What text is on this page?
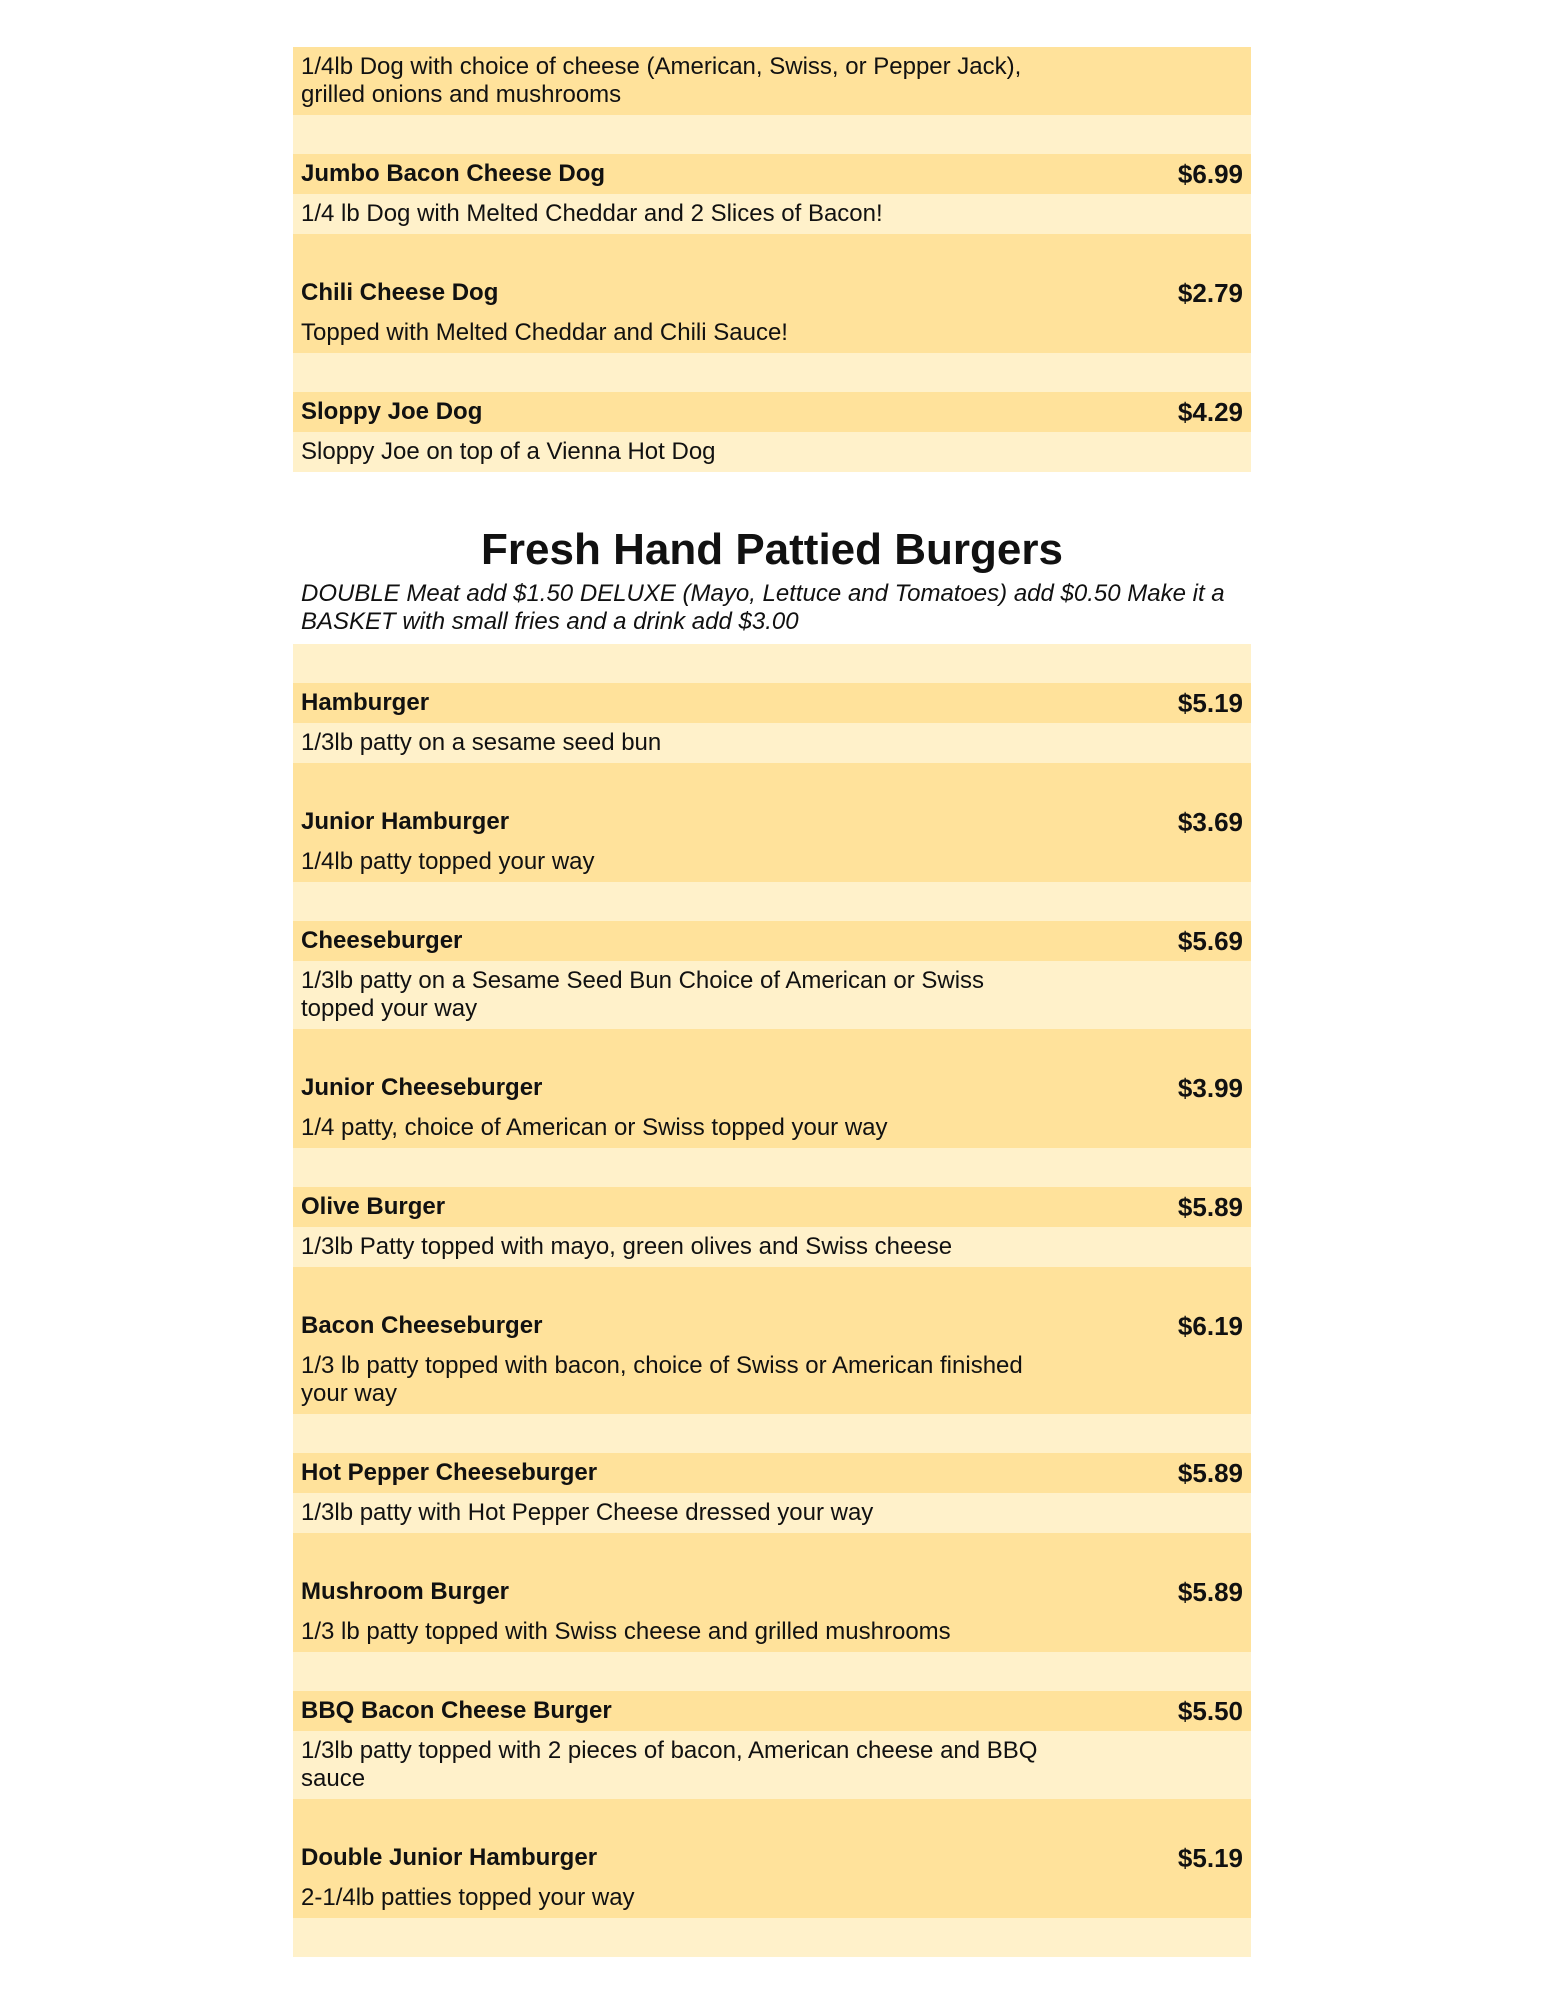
1/4lb Dog with choice of cheese (American, Swiss, or Pepper Jack), grilled onions and mushrooms
Jumbo Bacon Cheese Dog	$6.99
1/4 lb Dog with Melted Cheddar and 2 Slices of Bacon!
Chili Cheese Dog	$2.79
Topped with Melted Cheddar and Chili Sauce!
Sloppy Joe Dog	$4.29
Sloppy Joe on top of a Vienna Hot Dog
Fresh Hand Pattied Burgers
DOUBLE Meat add $1.50 DELUXE (Mayo, Lettuce and Tomatoes) add $0.50 Make it a BASKET with small fries and a drink add $3.00
Hamburger	$5.19
1/3lb patty on a sesame seed bun
Junior Hamburger	$3.69
1/4lb patty topped your way
Cheeseburger	$5.69
1/3lb patty on a Sesame Seed Bun Choice of American or Swiss topped your way
Junior Cheeseburger	$3.99
1/4 patty, choice of American or Swiss topped your way
Olive Burger	$5.89
1/3lb Patty topped with mayo, green olives and Swiss cheese
Bacon Cheeseburger	$6.19
1/3 lb patty topped with bacon, choice of Swiss or American finished your way
Hot Pepper Cheeseburger	$5.89
1/3lb patty with Hot Pepper Cheese dressed your way
Mushroom Burger	$5.89
1/3 lb patty topped with Swiss cheese and grilled mushrooms
BBQ Bacon Cheese Burger	$5.50
1/3lb patty topped with 2 pieces of bacon, American cheese and BBQ sauce
Double Junior Hamburger	$5.19
2-1/4lb patties topped your way
